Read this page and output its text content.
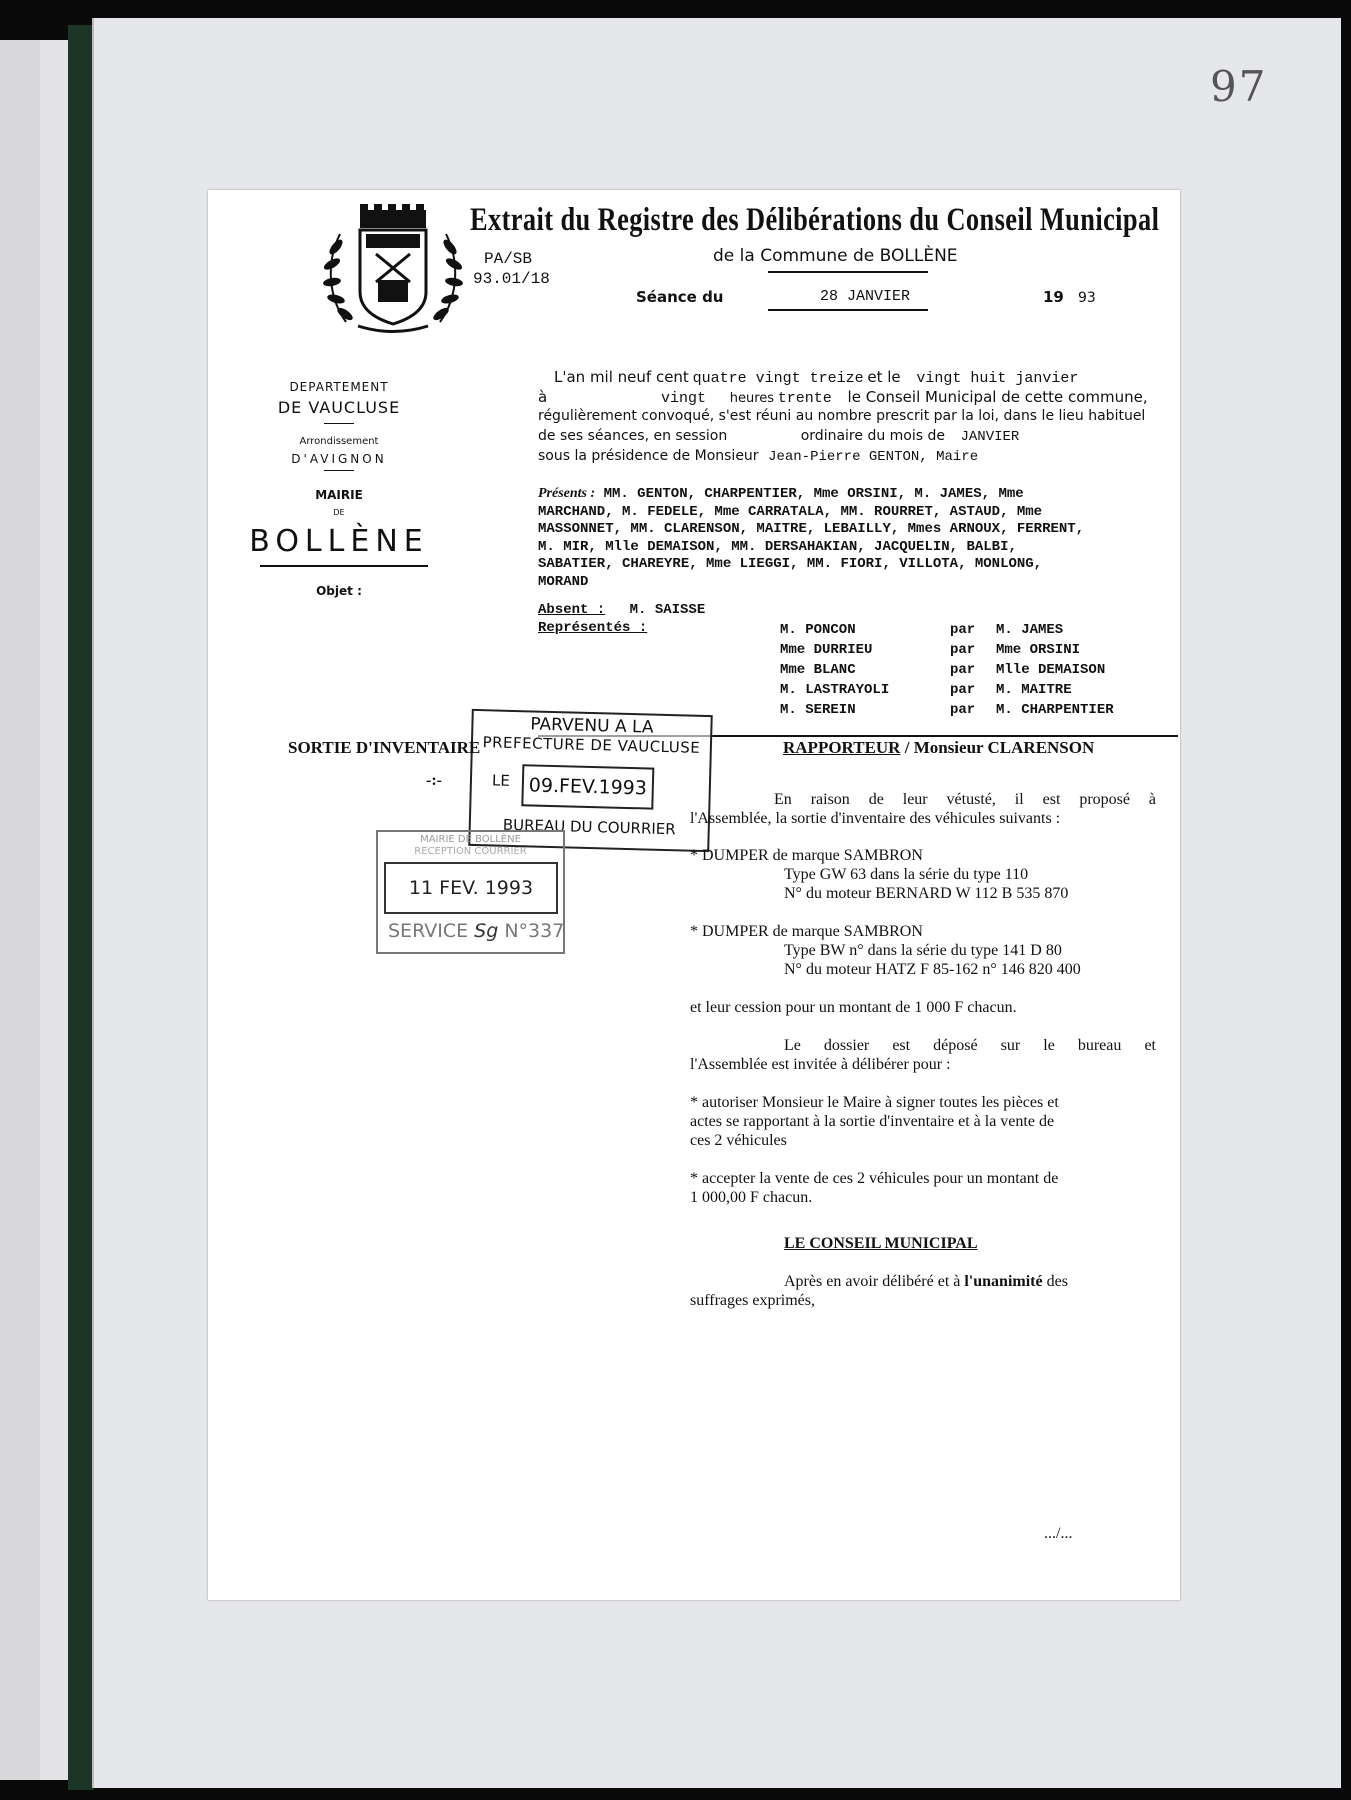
97
Extrait du Registre des Délibérations du Conseil Municipal
de la Commune de BOLLÈNE
PA/SB
93.01/18
Séance du	28 JANVIER	19 93
DEPARTEMENT
DE VAUCLUSE
Arrondissement
D'AVIGNON
MAIRIE
DE
BOLLÈNE
Objet :
L'an mil neuf cent quatre vingt treize et le vingt huit janvier
à	vingt heures trente le Conseil Municipal de cette commune,
régulièrement convoqué, s'est réuni au nombre prescrit par la loi, dans le lieu habituel
de ses séances, en session	ordinaire du mois de JANVIER
sous la présidence de Monsieur Jean-Pierre GENTON, Maire
Présents : MM. GENTON, CHARPENTIER, Mme ORSINI, M. JAMES, Mme
MARCHAND, M. FEDELE, Mme CARRATALA, MM. ROURRET, ASTAUD, Mme
MASSONNET, MM. CLARENSON, MAITRE, LEBAILLY, Mmes ARNOUX, FERRENT,
M. MIR, Mlle DEMAISON, MM. DERSAHAKIAN, JACQUELIN, BALBI,
SABATIER, CHAREYRE, Mme LIEGGI, MM. FIORI, VILLOTA, MONLONG,
MORAND
Absent : M. SAISSE
Représentés :	M. PONCON	par	M. JAMES
Mme DURRIEU	par	Mme ORSINI
Mme BLANC	par	Mlle DEMAISON
M. LASTRAYOLI	par	M. MAITRE
M. SEREIN	par	M. CHARPENTIER
PARVENU A LA
PREFECTURE DE VAUCLUSE
LE 09.FEV.1993
BUREAU DU COURRIER
SORTIE D'INVENTAIRE
-:-
RAPPORTEUR / Monsieur CLARENSON
MAIRIE DE BOLLÈNE
RECEPTION COURRIER
11 FEV. 1993
SERVICE Sg N°337
En raison de leur vétusté, il est proposé à
l'Assemblée, la sortie d'inventaire des véhicules suivants :
* DUMPER de marque SAMBRON
Type GW 63 dans la série du type 110
N° du moteur BERNARD W 112 B 535 870
* DUMPER de marque SAMBRON
Type BW n° dans la série du type 141 D 80
N° du moteur HATZ F 85-162 n° 146 820 400
et leur cession pour un montant de 1 000 F chacun.
Le dossier est déposé sur le bureau et
l'Assemblée est invitée à délibérer pour :
* autoriser Monsieur le Maire à signer toutes les pièces et
actes se rapportant à la sortie d'inventaire et à la vente de
ces 2 véhicules
* accepter la vente de ces 2 véhicules pour un montant de
1 000,00 F chacun.
LE CONSEIL MUNICIPAL
Après en avoir délibéré et à l'unanimité des
suffrages exprimés,
.../...
